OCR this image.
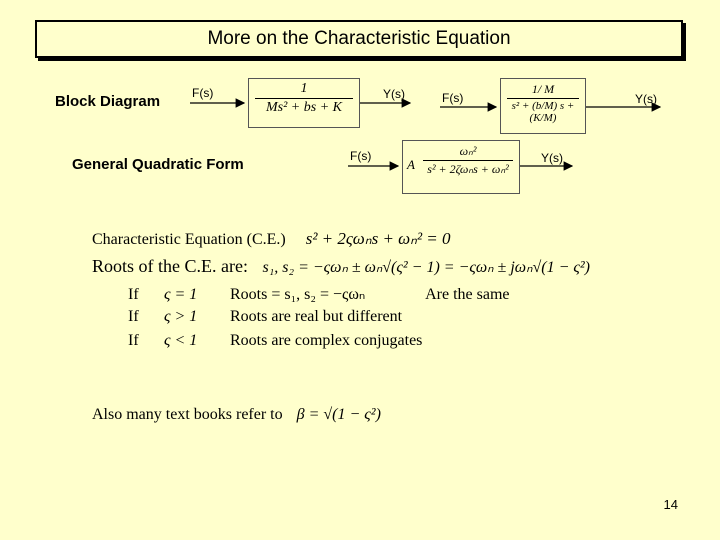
More on the Characteristic Equation
Block Diagram	F(s)	1
Ms² + bs + K
Y(s)	F(s)
1/ M
s² + (b/M) s + (K/M)
Y(s)
General Quadratic Form	F(s)
A
ωₙ²
s² + 2ζωₙs + ωₙ²
Y(s)
Characteristic Equation (C.E.) s² + 2ςωₙs + ωₙ² = 0
Roots of the C.E. are: s₁, s₂ = −ςωₙ ± ωₙ√(ς² − 1) = −ςωₙ ± jωₙ√(1 − ς²)
If ς = 1 Roots = s₁, s₂ = −ςωₙ	Are the same
If ς > 1 Roots are real but different
If ς < 1 Roots are complex conjugates
Also many text books refer to β = √(1 − ς²)
14
